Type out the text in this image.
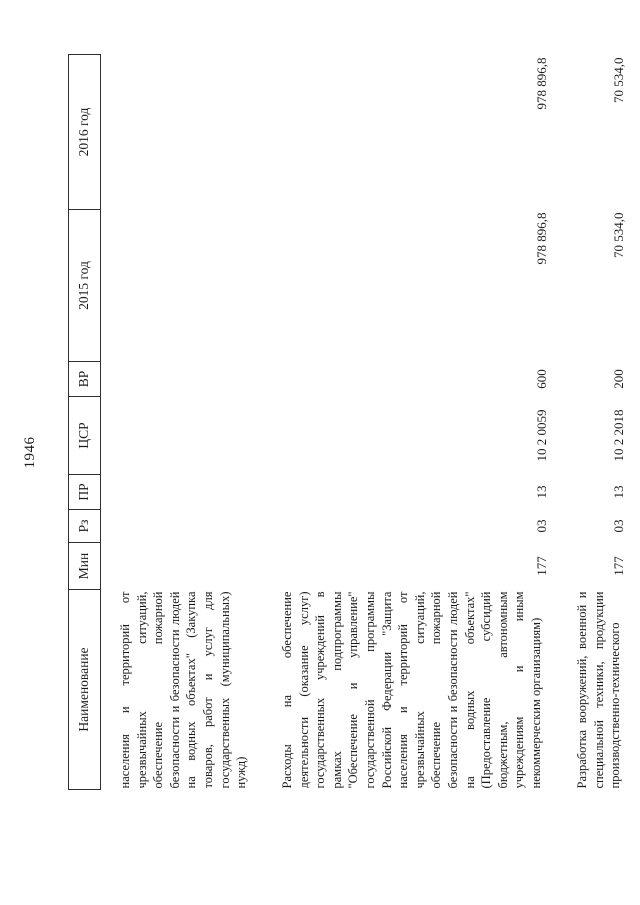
1946
Наименование	Мин	Рз	ПР	ЦСР	ВР	2015 год	2016 год

населения
и
территорий
от
чрезвычайных
ситуаций,
обеспечение
пожарной
безопасности
и
безопасности
людей
на
водных
объектах"
(Закупка
товаров,
работ
и
услуг
для
государственных
(муниципальных)
нужд)

Расходы
на
обеспечение
деятельности
(оказание
услуг)
государственных
учреждений
в
рамках
подпрограммы
"Обеспечение
и
управление"
государственной
программы
Российской
Федерации
"Защита
населения
и
территорий
от
чрезвычайных
ситуаций,
обеспечение
пожарной
безопасности
и
безопасности
людей
на
водных
объектах"
(Предоставление
субсидий
бюджетным,
автономным
учреждениям
и
иным
некоммерческим организациям)
	177	03	13	10 2 0059	600	978 896,8	978 896,8

Разработка
вооружений,
военной
и
специальной
техники,
продукции
производственно-технического
	177	03	13	10 2 2018	200	70 534,0	70 534,0
